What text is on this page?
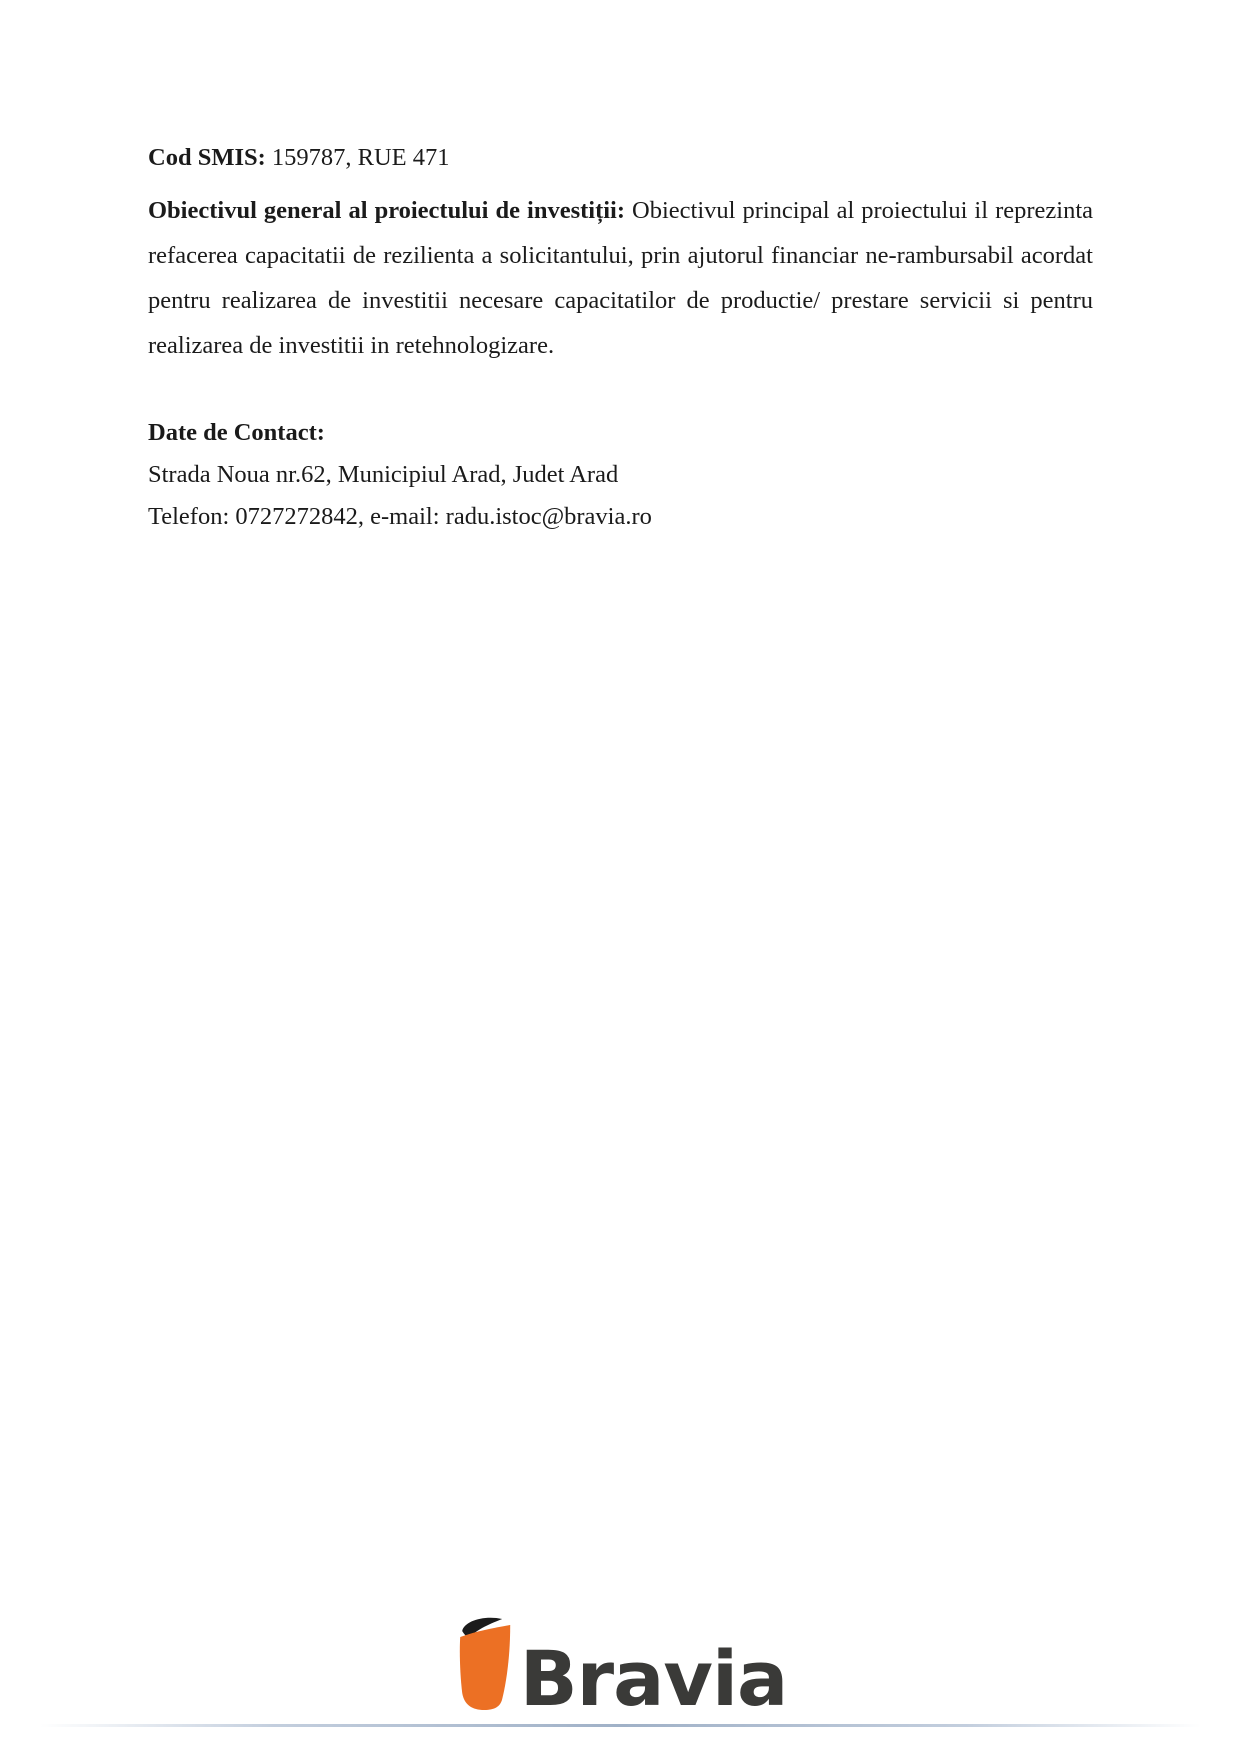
Cod SMIS: 159787, RUE 471

Obiectivul general al proiectului de investiții: Obiectivul principal al proiectului il reprezinta refacerea capacitatii de rezilienta a solicitantului, prin ajutorul financiar ne-rambursabil acordat pentru realizarea de investitii necesare capacitatilor de productie/ prestare servicii si pentru realizarea de investitii in retehnologizare.

Date de Contact:

Strada Noua nr.62, Municipiul Arad, Judet Arad

Telefon: 0727272842, e-mail: radu.istoc@bravia.ro

Bravia
